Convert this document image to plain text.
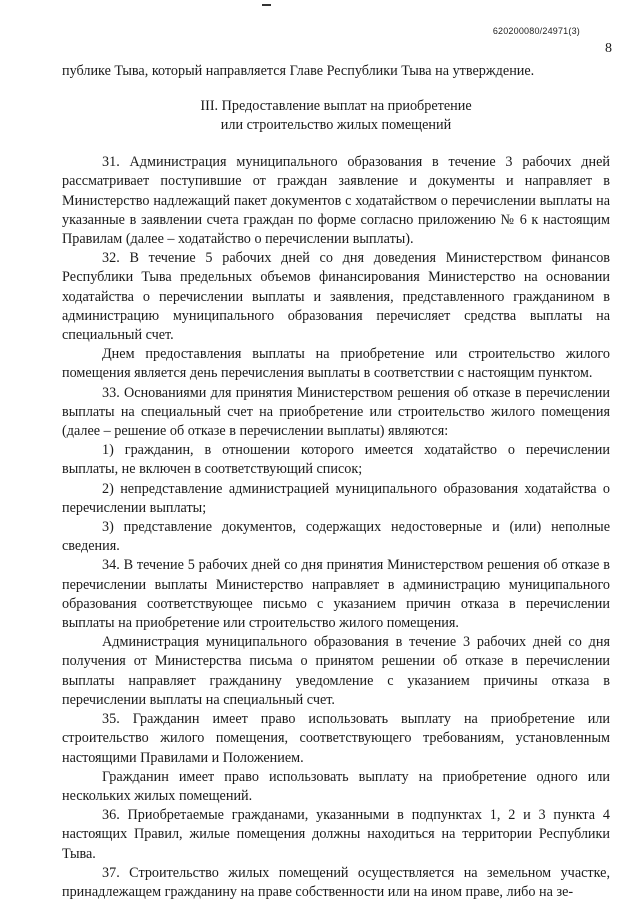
620200080/24971(3)
8

публике Тыва, который направляется Главе Республики Тыва на утверждение.

III. Предоставление выплат на приобретение
или строительство жилых помещений

31. Администрация муниципального образования в течение 3 рабочих дней рассматривает поступившие от граждан заявление и документы и направляет в Министерство надлежащий пакет документов с ходатайством о перечислении выплаты на указанные в заявлении счета граждан по форме согласно приложению № 6 к настоящим Правилам (далее – ходатайство о перечислении выплаты).

32. В течение 5 рабочих дней со дня доведения Министерством финансов Республики Тыва предельных объемов финансирования Министерство на основании ходатайства о перечислении выплаты и заявления, представленного гражданином в администрацию муниципального образования перечисляет средства выплаты на специальный счет.

Днем предоставления выплаты на приобретение или строительство жилого помещения является день перечисления выплаты в соответствии с настоящим пунктом.

33. Основаниями для принятия Министерством решения об отказе в перечислении выплаты на специальный счет на приобретение или строительство жилого помещения (далее – решение об отказе в перечислении выплаты) являются:

1) гражданин, в отношении которого имеется ходатайство о перечислении выплаты, не включен в соответствующий список;

2) непредставление администрацией муниципального образования ходатайства о перечислении выплаты;

3) представление документов, содержащих недостоверные и (или) неполные сведения.

34. В течение 5 рабочих дней со дня принятия Министерством решения об отказе в перечислении выплаты Министерство направляет в администрацию муниципального образования соответствующее письмо с указанием причин отказа в перечислении выплаты на приобретение или строительство жилого помещения.

Администрация муниципального образования в течение 3 рабочих дней со дня получения от Министерства письма о принятом решении об отказе в перечислении выплаты направляет гражданину уведомление с указанием причины отказа в перечислении выплаты на специальный счет.

35. Гражданин имеет право использовать выплату на приобретение или строительство жилого помещения, соответствующего требованиям, установленным настоящими Правилами и Положением.

Гражданин имеет право использовать выплату на приобретение одного или нескольких жилых помещений.

36. Приобретаемые гражданами, указанными в подпунктах 1, 2 и 3 пункта 4 настоящих Правил, жилые помещения должны находиться на территории Республики Тыва.

37. Строительство жилых помещений осуществляется на земельном участке, принадлежащем гражданину на праве собственности или на ином праве, либо на зе-
